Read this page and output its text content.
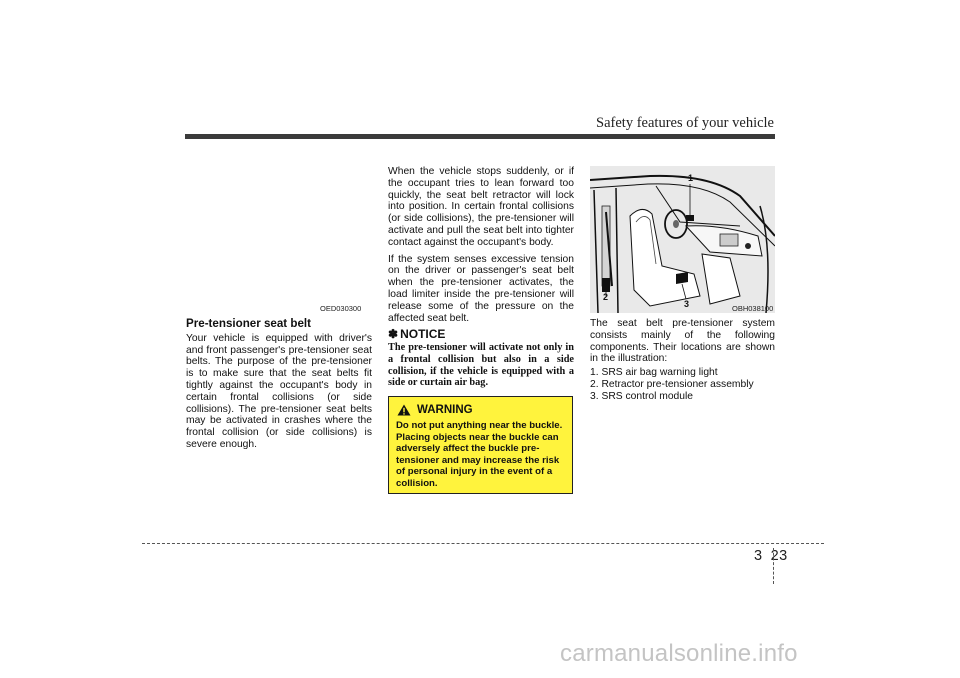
Safety features of your vehicle
OED030300
Pre-tensioner seat belt

Your vehicle is equipped with driver's and front passenger's pre-tensioner seat belts. The purpose of the pre-tensioner is to make sure that the seat belts fit tightly against the occupant's body in certain frontal collisions (or side collisions). The pre-tensioner seat belts may be activated in crashes where the frontal collision (or side collisions) is severe enough.

When the vehicle stops suddenly, or if the occupant tries to lean forward too quickly, the seat belt retractor will lock into position. In certain frontal collisions (or side collisions), the pre-tensioner will activate and pull the seat belt into tighter contact against the occupant's body.

If the system senses excessive tension on the driver or passenger's seat belt when the pre-tensioner activates, the load limiter inside the pre-tensioner will release some of the pressure on the affected seat belt.

✽ NOTICE

The pre-tensioner will activate not only in a frontal collision but also in a side collision, if the vehicle is equipped with a side or curtain air bag.

WARNING

Do not put anything near the buckle. Placing objects near the buckle can adversely affect the buckle pre-tensioner and may increase the risk of personal injury in the event of a collision.

1
2
3	OBH038100

The seat belt pre-tensioner system consists mainly of the following components. Their locations are shown in the illustration:

1. SRS air bag warning light

2. Retractor pre-tensioner assembly

3. SRS control module

3 23
carmanualsonline.info
